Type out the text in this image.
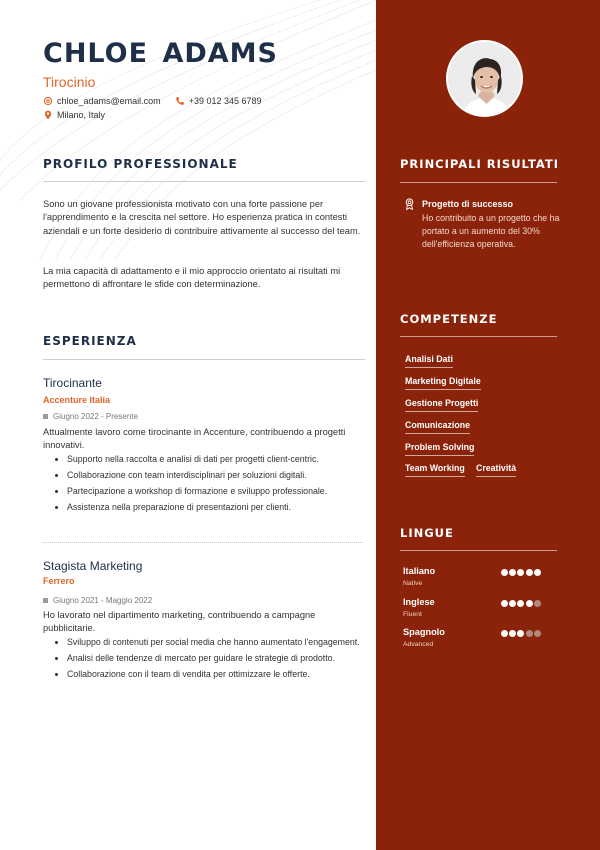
CHLOE ADAMS
Tirocinio
chloe_adams@email.com	+39 012 345 6789
Milano, Italy
PROFILO PROFESSIONALE
Sono un giovane professionista motivato con una forte passione per l'apprendimento e la crescita nel settore. Ho esperienza pratica in contesti aziendali e un forte desiderio di contribuire attivamente al successo del team.
La mia capacità di adattamento e il mio approccio orientato ai risultati mi permettono di affrontare le sfide con determinazione.
ESPERIENZA
Tirocinante
Accenture Italia
Giugno 2022 - Presente
Attualmente lavoro come tirocinante in Accenture, contribuendo a progetti innovativi.
Supporto nella raccolta e analisi di dati per progetti client-centric.
Collaborazione con team interdisciplinari per soluzioni digitali.
Partecipazione a workshop di formazione e sviluppo professionale.
Assistenza nella preparazione di presentazioni per clienti.
Stagista Marketing
Ferrero
Giugno 2021 - Maggio 2022
Ho lavorato nel dipartimento marketing, contribuendo a campagne pubblicitarie.
Sviluppo di contenuti per social media che hanno aumentato l'engagement.
Analisi delle tendenze di mercato per guidare le strategie di prodotto.
Collaborazione con il team di vendita per ottimizzare le offerte.
PRINCIPALI RISULTATI
Progetto di successo
Ho contribuito a un progetto che ha portato a un aumento del 30% dell'efficienza operativa.
COMPETENZE
Analisi Dati
Marketing Digitale
Gestione Progetti
Comunicazione
Problem Solving
Team Working Creatività
LINGUE
Italiano
Native
Inglese
Fluent
Spagnolo
Advanced
